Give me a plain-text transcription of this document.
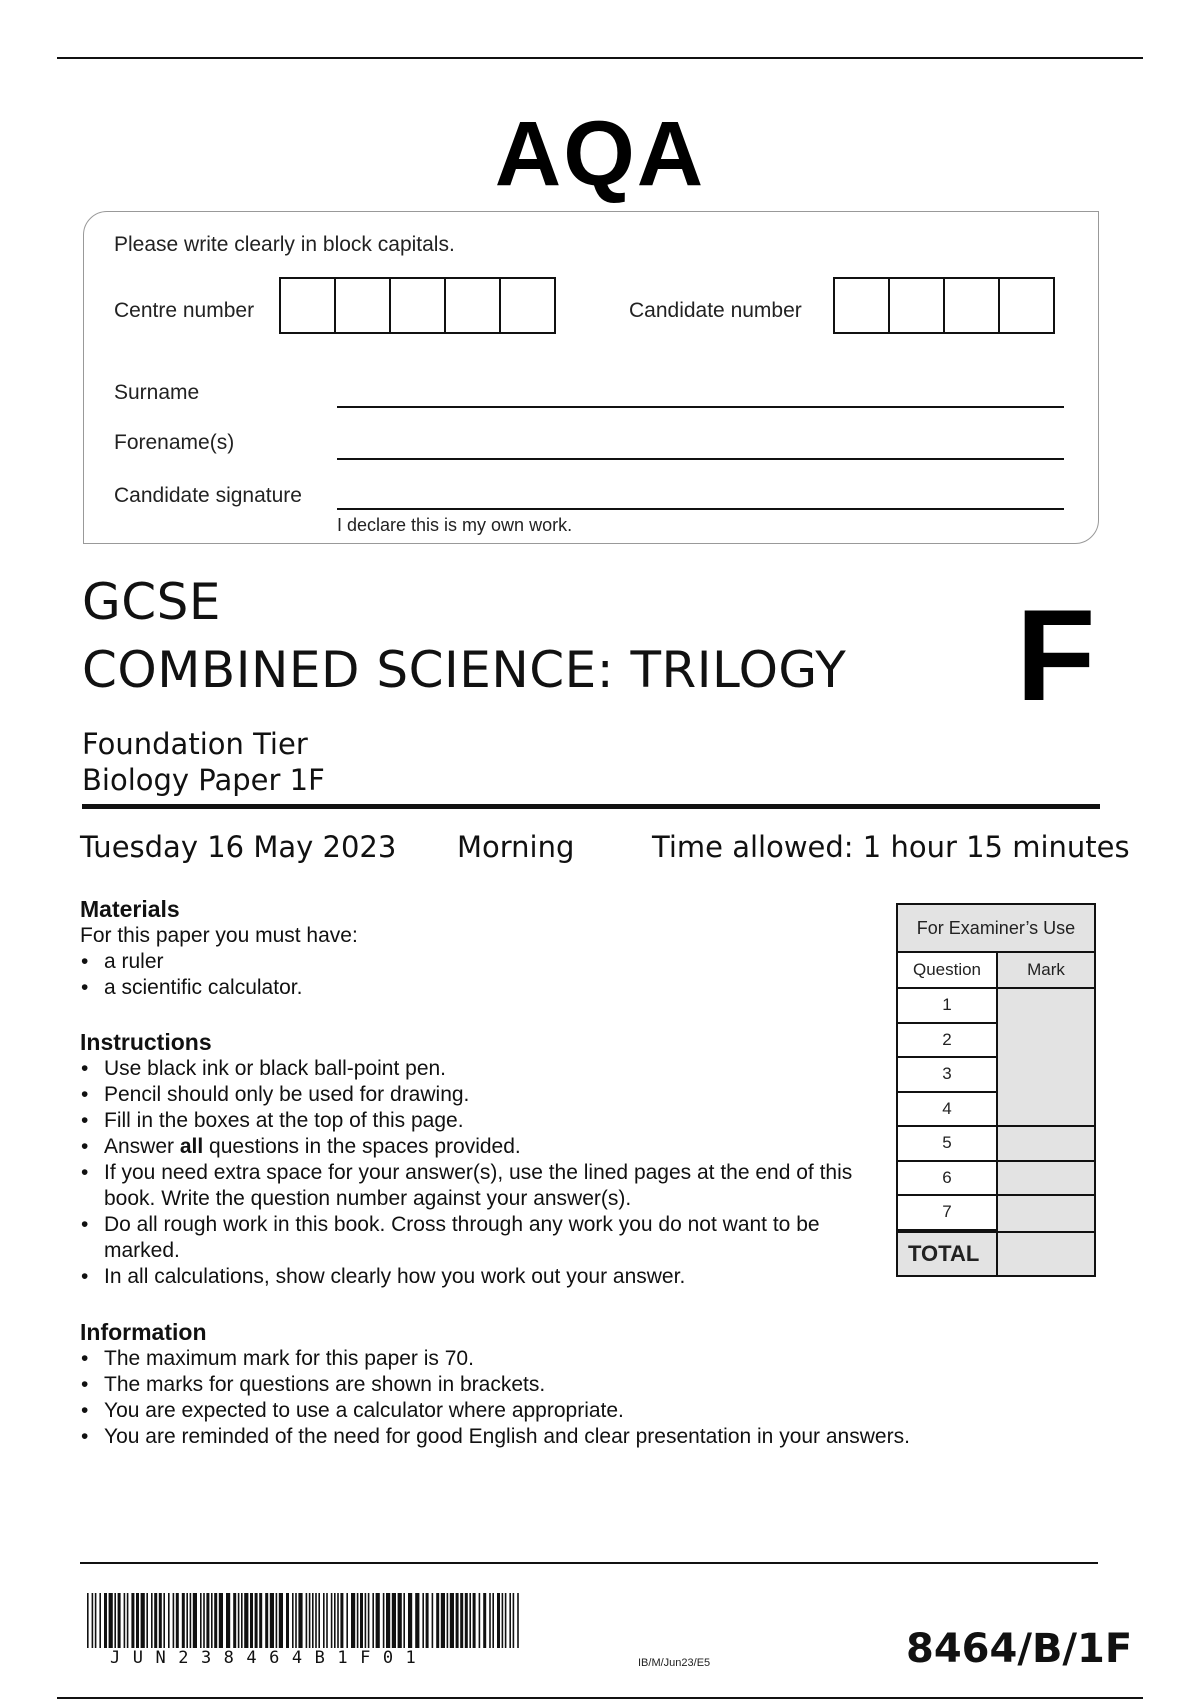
AQA
Please write clearly in block capitals.
Centre number	Candidate number
Surname
Forename(s)
Candidate signature
I declare this is my own work.
GCSE
COMBINED SCIENCE: TRILOGY F
Foundation Tier
Biology Paper 1F
Tuesday 16 May 2023 Morning	Time allowed: 1 hour 15 minutes
Materials
For this paper you must have:
• a ruler
• a scientific calculator.
Instructions
• Use black ink or black ball-point pen.
• Pencil should only be used for drawing.
• Fill in the boxes at the top of this page.
• Answer all questions in the spaces provided.
• If you need extra space for your answer(s), use the lined pages at the end of this book. Write the question number against your answer(s).
• Do all rough work in this book. Cross through any work you do not want to be marked.
• In all calculations, show clearly how you work out your answer.
Information
• The maximum mark for this paper is 70.
• The marks for questions are shown in brackets.
• You are expected to use a calculator where appropriate.
• You are reminded of the need for good English and clear presentation in your answers.
For Examiner’s Use
Question	Mark
1
2
3
4
5
6
7
TOTAL
JUN238464B1F01	IB/M/Jun23/E5	8464/B/1F
